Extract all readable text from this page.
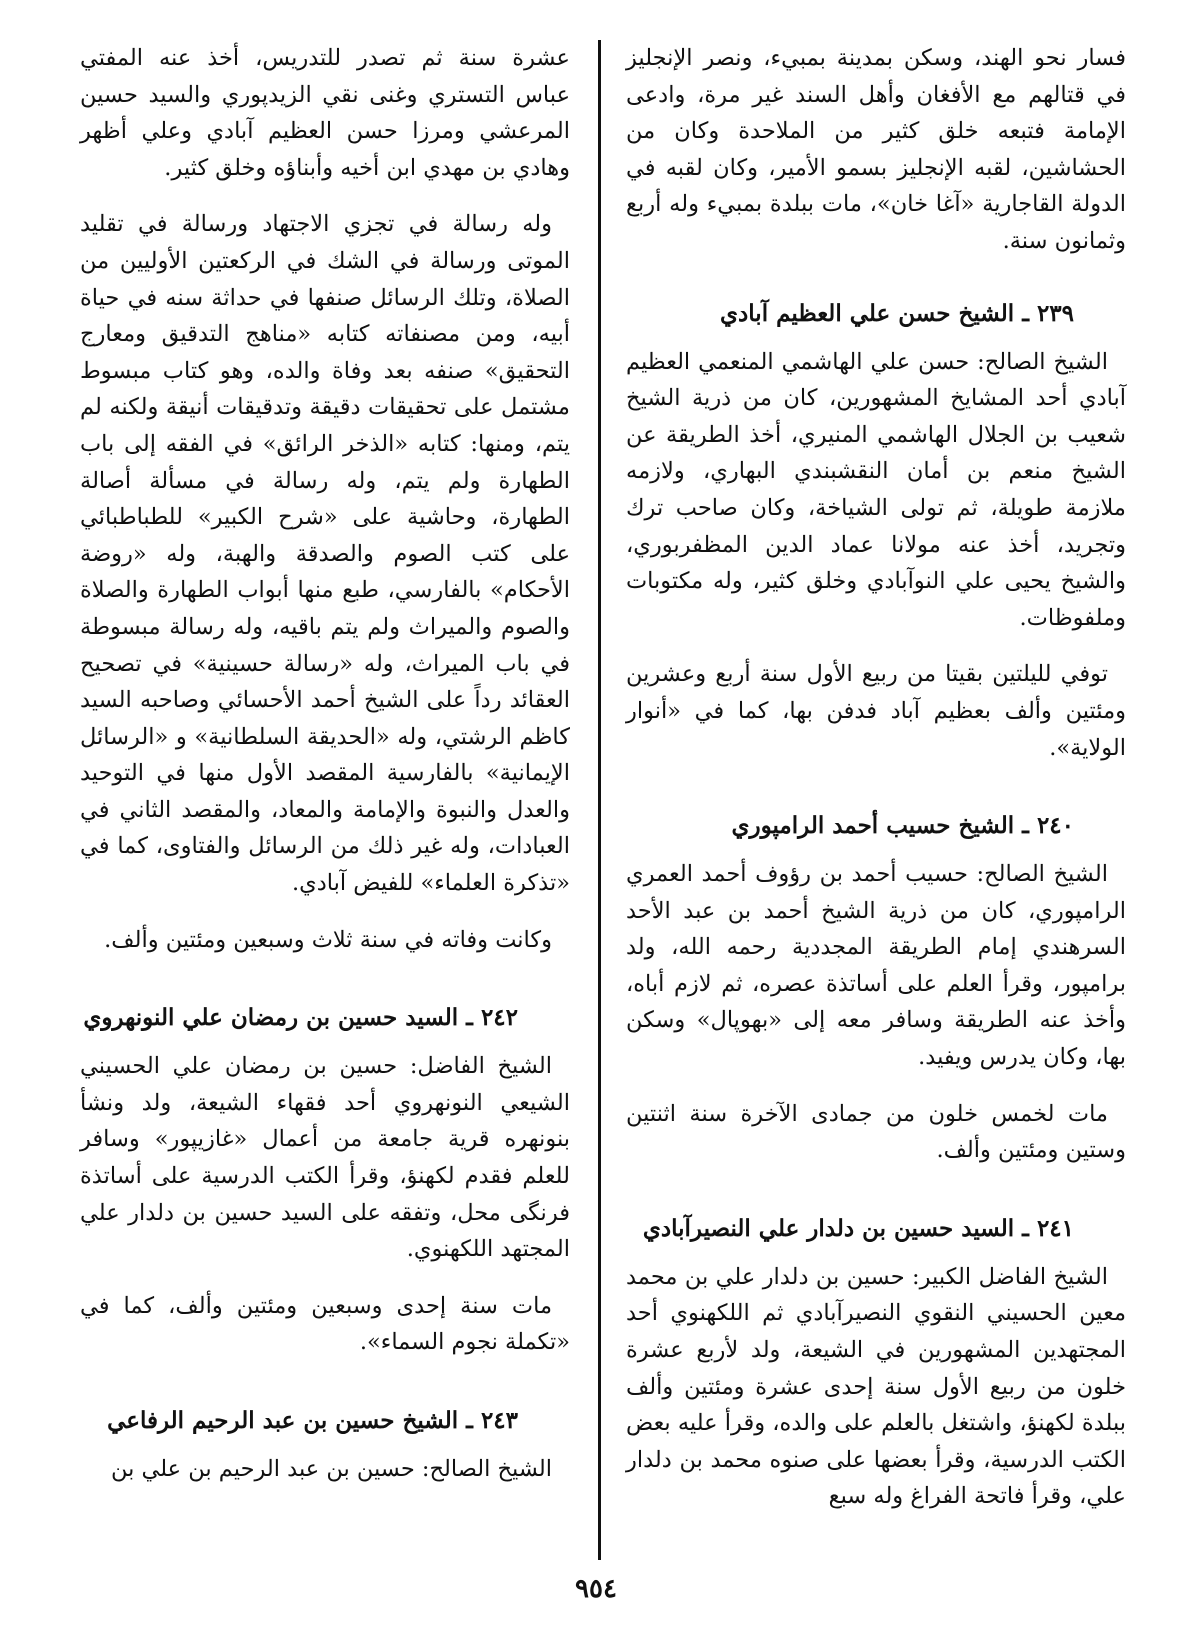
فسار نحو الهند، وسكن بمدينة بمبيء، ونصر الإنجليز في قتالهم مع الأفغان وأهل السند غير مرة، وادعى الإمامة فتبعه خلق كثير من الملاحدة وكان من الحشاشين، لقبه الإنجليز بسمو الأمير، وكان لقبه في الدولة القاجارية «آغا خان»، مات ببلدة بمبيء وله أربع وثمانون سنة.

٢٣٩ ـ الشيخ حسن علي العظيم آبادي

الشيخ الصالح: حسن علي الهاشمي المنعمي العظيم آبادي أحد المشايخ المشهورين، كان من ذرية الشيخ شعيب بن الجلال الهاشمي المنيري، أخذ الطريقة عن الشيخ منعم بن أمان النقشبندي البهاري، ولازمه ملازمة طويلة، ثم تولى الشياخة، وكان صاحب ترك وتجريد، أخذ عنه مولانا عماد الدين المظفربوري، والشيخ يحيى علي النوآبادي وخلق كثير، وله مكتوبات وملفوظات.

توفي لليلتين بقيتا من ربيع الأول سنة أربع وعشرين ومئتين وألف بعظيم آباد فدفن بها، كما في «أنوار الولاية».

٢٤٠ ـ الشيخ حسيب أحمد الرامپوري

الشيخ الصالح: حسيب أحمد بن رؤوف أحمد العمري الرامپوري، كان من ذرية الشيخ أحمد بن عبد الأحد السرهندي إمام الطريقة المجددية رحمه الله، ولد برامپور، وقرأ العلم على أساتذة عصره، ثم لازم أباه، وأخذ عنه الطريقة وسافر معه إلى «بهوپال» وسكن بها، وكان يدرس ويفيد.

مات لخمس خلون من جمادى الآخرة سنة اثنتين وستين ومئتين وألف.

٢٤١ ـ السيد حسين بن دلدار علي النصيرآبادي

الشيخ الفاضل الكبير: حسين بن دلدار علي بن محمد معين الحسيني النقوي النصيرآبادي ثم اللكهنوي أحد المجتهدين المشهورين في الشيعة، ولد لأربع عشرة خلون من ربيع الأول سنة إحدى عشرة ومئتين وألف ببلدة لكهنؤ، واشتغل بالعلم على والده، وقرأ عليه بعض الكتب الدرسية، وقرأ بعضها على صنوه محمد بن دلدار علي، وقرأ فاتحة الفراغ وله سبع

عشرة سنة ثم تصدر للتدريس، أخذ عنه المفتي عباس التستري وغنى نقي الزيدپوري والسيد حسين المرعشي ومرزا حسن العظيم آبادي وعلي أظهر وهادي بن مهدي ابن أخيه وأبناؤه وخلق كثير.

وله رسالة في تجزي الاجتهاد ورسالة في تقليد الموتى ورسالة في الشك في الركعتين الأوليين من الصلاة، وتلك الرسائل صنفها في حداثة سنه في حياة أبيه، ومن مصنفاته كتابه «مناهج التدقيق ومعارج التحقيق» صنفه بعد وفاة والده، وهو كتاب مبسوط مشتمل على تحقيقات دقيقة وتدقيقات أنيقة ولكنه لم يتم، ومنها: كتابه «الذخر الرائق» في الفقه إلى باب الطهارة ولم يتم، وله رسالة في مسألة أصالة الطهارة، وحاشية على «شرح الكبير» للطباطبائي على كتب الصوم والصدقة والهبة، وله «روضة الأحكام» بالفارسي، طبع منها أبواب الطهارة والصلاة والصوم والميراث ولم يتم باقيه، وله رسالة مبسوطة في باب الميراث، وله «رسالة حسينية» في تصحيح العقائد رداً على الشيخ أحمد الأحسائي وصاحبه السيد كاظم الرشتي، وله «الحديقة السلطانية» و «الرسائل الإيمانية» بالفارسية المقصد الأول منها في التوحيد والعدل والنبوة والإمامة والمعاد، والمقصد الثاني في العبادات، وله غير ذلك من الرسائل والفتاوى، كما في «تذكرة العلماء» للفيض آبادي.

وكانت وفاته في سنة ثلاث وسبعين ومئتين وألف.

٢٤٢ ـ السيد حسين بن رمضان علي النونهروي

الشيخ الفاضل: حسين بن رمضان علي الحسيني الشيعي النونهروي أحد فقهاء الشيعة، ولد ونشأ بنونهره قرية جامعة من أعمال «غازيپور» وسافر للعلم فقدم لكهنؤ، وقرأ الكتب الدرسية على أساتذة فرنگی محل، وتفقه على السيد حسين بن دلدار علي المجتهد اللكهنوي.

مات سنة إحدى وسبعين ومئتين وألف، كما في «تكملة نجوم السماء».

٢٤٣ ـ الشيخ حسين بن عبد الرحيم الرفاعي

الشيخ الصالح: حسين بن عبد الرحيم بن علي بن

٩٥٤
